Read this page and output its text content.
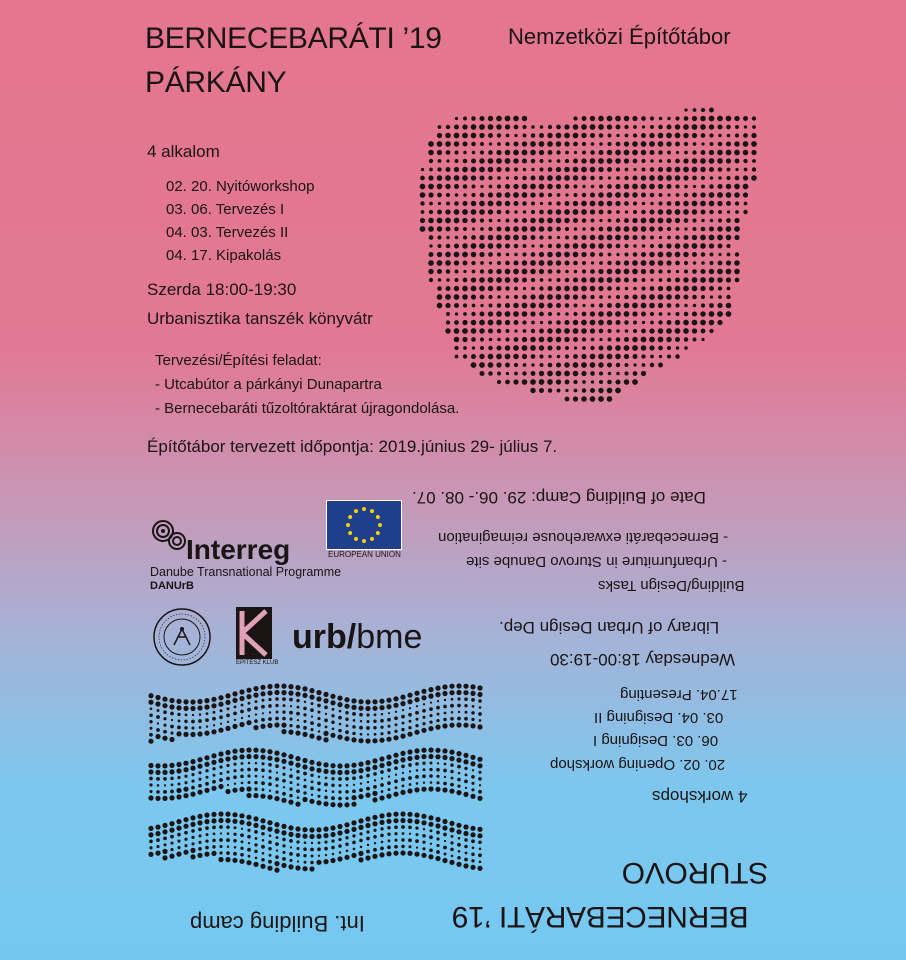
BERNECEBARÁTI ’19
PÁRKÁNY
Nemzetközi Építőtábor
4 alkalom
02. 20. Nyitóworkshop
03. 06. Tervezés I
04. 03. Tervezés II
04. 17. Kipakolás
Szerda 18:00-19:30
Urbanisztika tanszék könyvátr
Tervezési/Építési feladat:
- Utcabútor a párkányi Dunapartra
- Bernecebaráti tűzoltóraktárat újragondolása.
Építőtábor tervezett időpontja: 2019.június 29- július 7.
Date of Building Camp: 29. 06.- 08. 07.
Building/Design Tasks
- Urbanfurniture in Sturovo Danube site
- Bernecebaráti exwarehouse reimagination
Library of Urban Design Dep.
Wednesday 18:00-19:30
17.04. Presenting
03. 04. Designing II
06. 03. Designing I
20. 02. Opening workshop
4 workshops
STUROVO
BERNECEBARÁTI ’19
Int. Building camp
Interreg
Danube Transnational Programme
DANUrB
EUROPEAN UNION
ÉPÍTÉSZ KLUB
urb/bme
